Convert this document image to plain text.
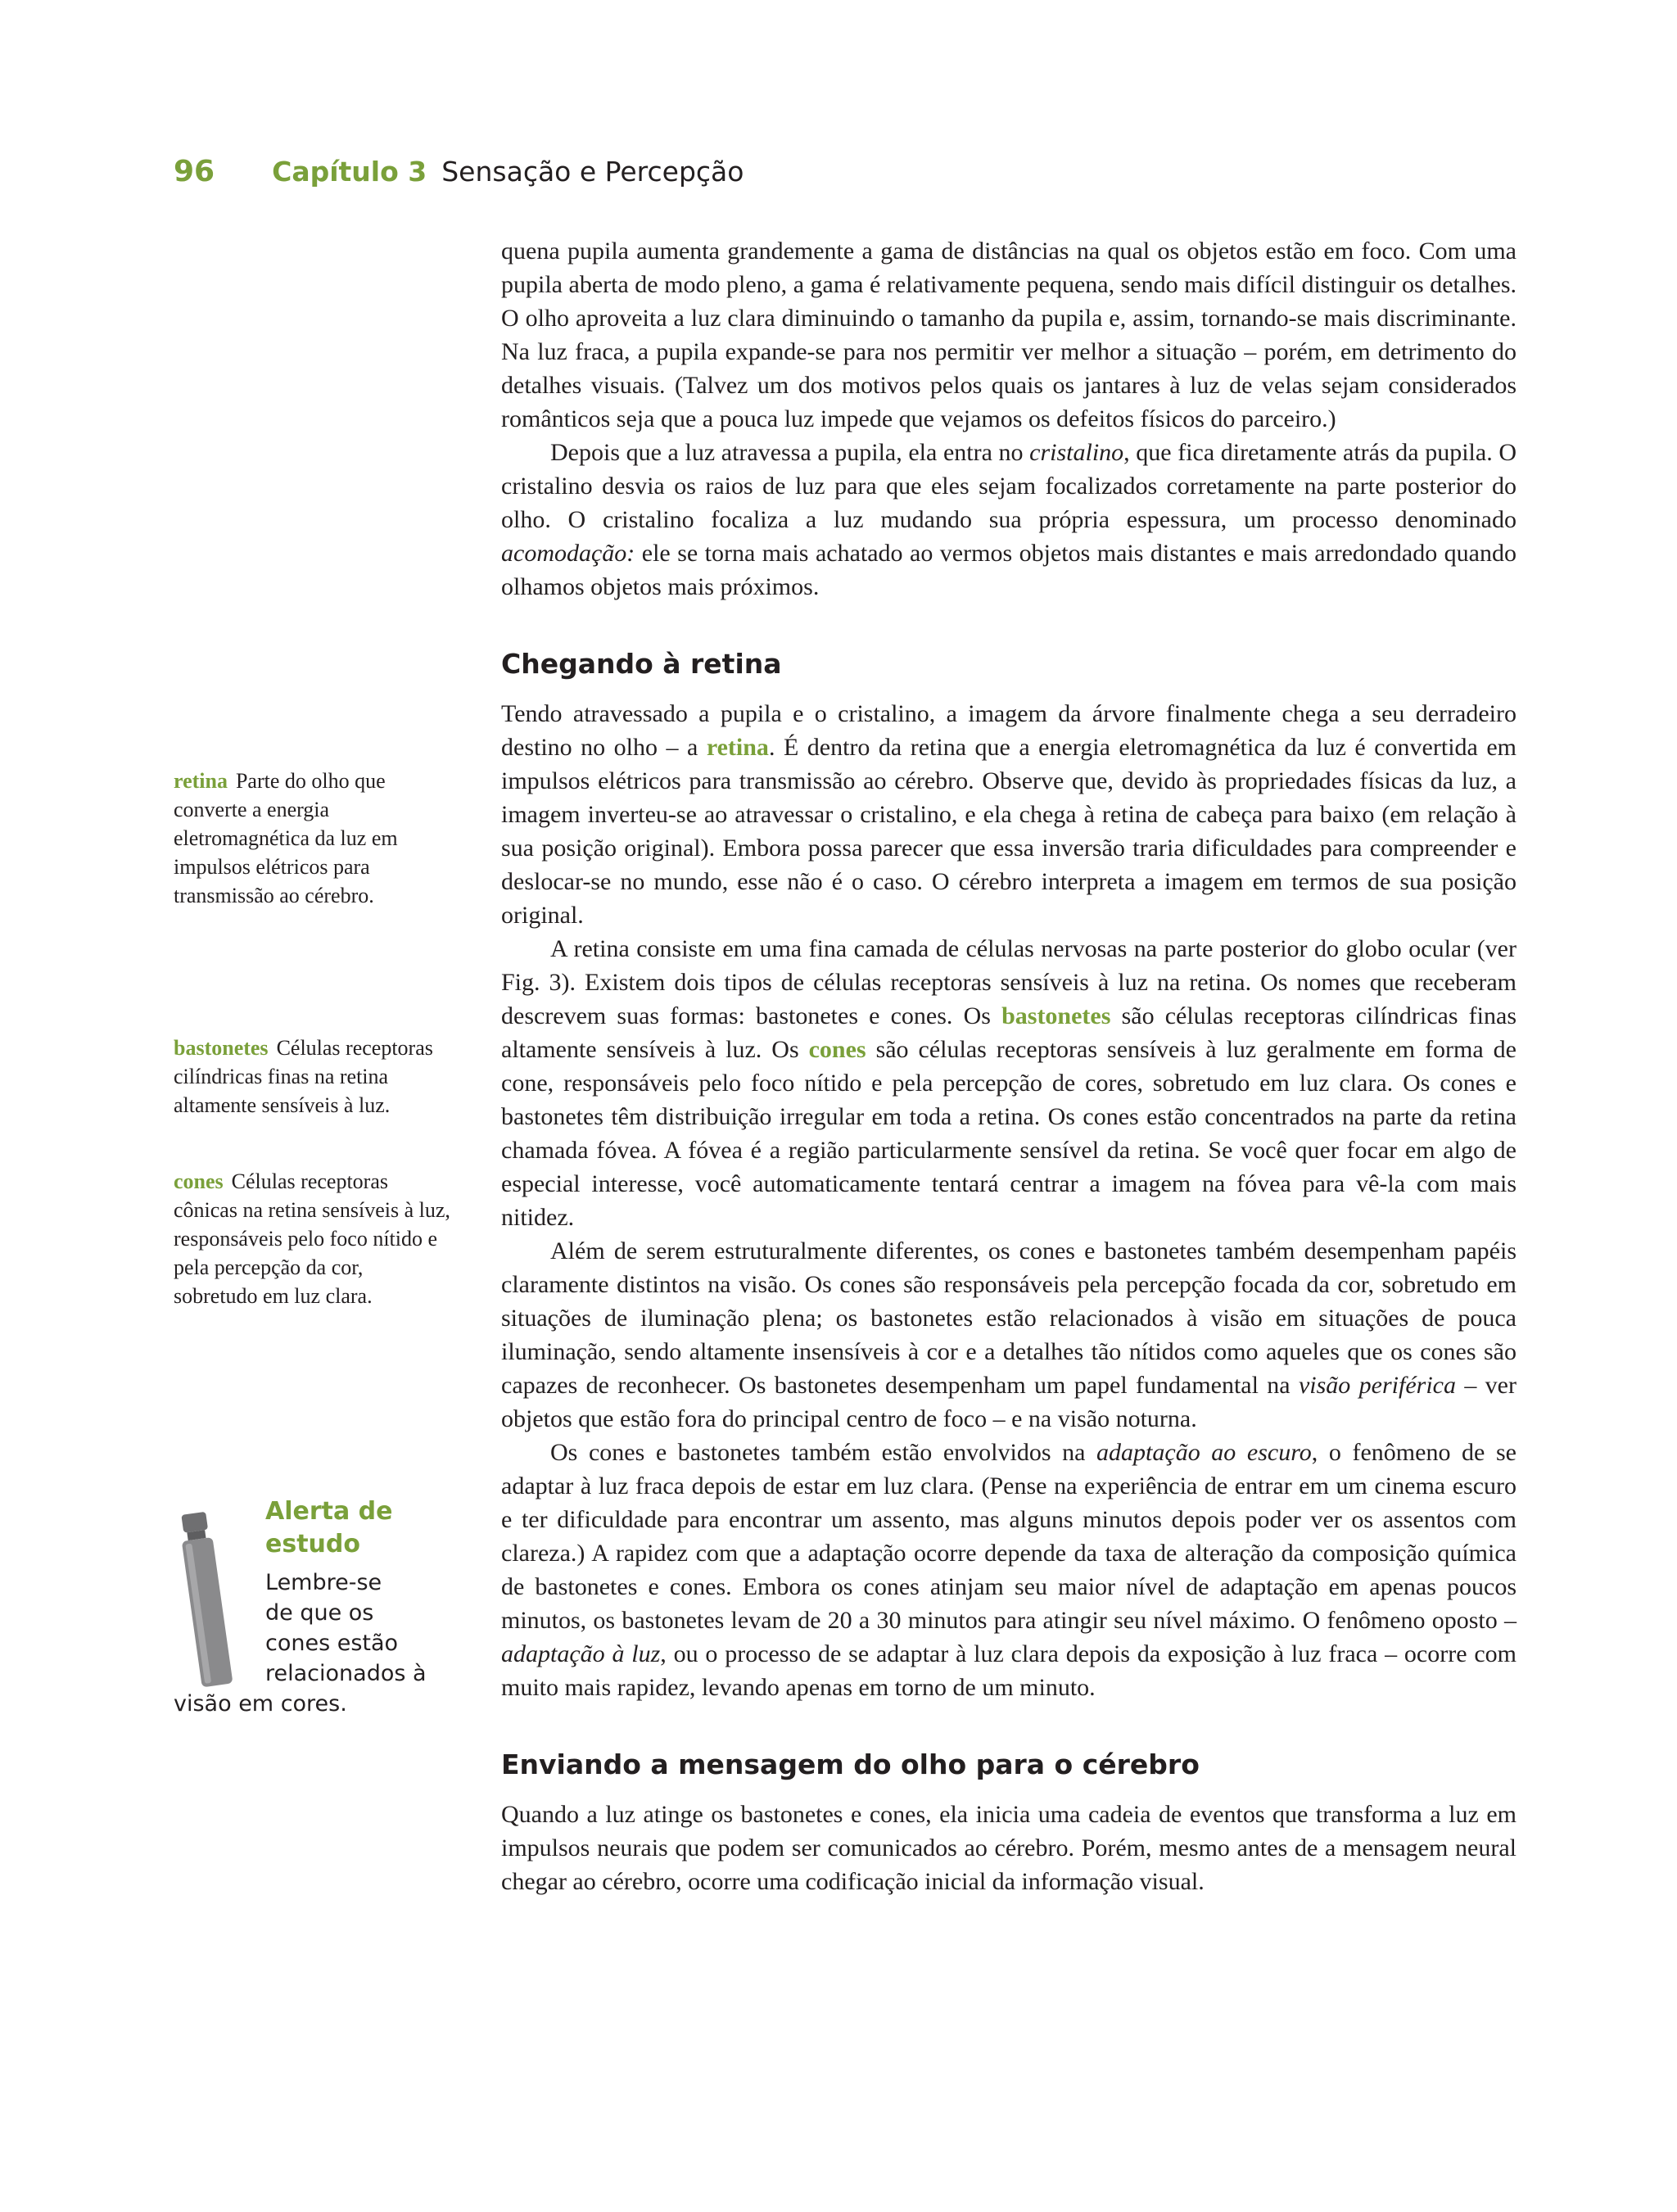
96 Capítulo 3 Sensação e Percepção

quena pupila aumenta grandemente a gama de distâncias na qual os objetos estão em foco. Com uma pupila aberta de modo pleno, a gama é relativamente pequena, sendo mais difícil distinguir os detalhes. O olho aproveita a luz clara diminuindo o tamanho da pupila e, assim, tornando-se mais discriminante. Na luz fraca, a pupila expande-se para nos permitir ver melhor a situação – porém, em detrimento do detalhes visuais. (Talvez um dos motivos pelos quais os jantares à luz de velas sejam considerados românticos seja que a pouca luz impede que vejamos os defeitos físicos do parceiro.)

Depois que a luz atravessa a pupila, ela entra no cristalino, que fica diretamente atrás da pupila. O cristalino desvia os raios de luz para que eles sejam focalizados corretamente na parte posterior do olho. O cristalino focaliza a luz mudando sua própria espessura, um processo denominado acomodação: ele se torna mais achatado ao vermos objetos mais distantes e mais arredondado quando olhamos objetos mais próximos.

Chegando à retina

Tendo atravessado a pupila e o cristalino, a imagem da árvore finalmente chega a seu derradeiro destino no olho – a retina. É dentro da retina que a energia eletromagnética da luz é convertida em impulsos elétricos para transmissão ao cérebro. Observe que, devido às propriedades físicas da luz, a imagem inverteu-se ao atravessar o cristalino, e ela chega à retina de cabeça para baixo (em relação à sua posição original). Embora possa parecer que essa inversão traria dificuldades para compreender e deslocar-se no mundo, esse não é o caso. O cérebro interpreta a imagem em termos de sua posição original.

A retina consiste em uma fina camada de células nervosas na parte posterior do globo ocular (ver Fig. 3). Existem dois tipos de células receptoras sensíveis à luz na retina. Os nomes que receberam descrevem suas formas: bastonetes e cones. Os bastonetes são células receptoras cilíndricas finas altamente sensíveis à luz. Os cones são células receptoras sensíveis à luz geralmente em forma de cone, responsáveis pelo foco nítido e pela percepção de cores, sobretudo em luz clara. Os cones e bastonetes têm distribuição irregular em toda a retina. Os cones estão concentrados na parte da retina chamada fóvea. A fóvea é a região particularmente sensível da retina. Se você quer focar em algo de especial interesse, você automaticamente tentará centrar a imagem na fóvea para vê-la com mais nitidez.

Além de serem estruturalmente diferentes, os cones e bastonetes também desempenham papéis claramente distintos na visão. Os cones são responsáveis pela percepção focada da cor, sobretudo em situações de iluminação plena; os bastonetes estão relacionados à visão em situações de pouca iluminação, sendo altamente insensíveis à cor e a detalhes tão nítidos como aqueles que os cones são capazes de reconhecer. Os bastonetes desempenham um papel fundamental na visão periférica – ver objetos que estão fora do principal centro de foco – e na visão noturna.

Os cones e bastonetes também estão envolvidos na adaptação ao escuro, o fenômeno de se adaptar à luz fraca depois de estar em luz clara. (Pense na experiência de entrar em um cinema escuro e ter dificuldade para encontrar um assento, mas alguns minutos depois poder ver os assentos com clareza.) A rapidez com que a adaptação ocorre depende da taxa de alteração da composição química de bastonetes e cones. Embora os cones atinjam seu maior nível de adaptação em apenas poucos minutos, os bastonetes levam de 20 a 30 minutos para atingir seu nível máximo. O fenômeno oposto – adaptação à luz, ou o processo de se adaptar à luz clara depois da exposição à luz fraca – ocorre com muito mais rapidez, levando apenas em torno de um minuto.

Enviando a mensagem do olho para o cérebro

Quando a luz atinge os bastonetes e cones, ela inicia uma cadeia de eventos que transforma a luz em impulsos neurais que podem ser comunicados ao cérebro. Porém, mesmo antes de a mensagem neural chegar ao cérebro, ocorre uma codificação inicial da informação visual.

retina Parte do olho que converte a energia eletromagnética da luz em impulsos elétricos para transmissão ao cérebro.
bastonetes Células receptoras cilíndricas finas na retina altamente sensíveis à luz.
cones Células receptoras cônicas na retina sensíveis à luz, responsáveis pelo foco nítido e pela percepção da cor, sobretudo em luz clara.
Alerta de
estudo
Lembre-se
de que os
cones estão
relacionados à
visão em cores.
